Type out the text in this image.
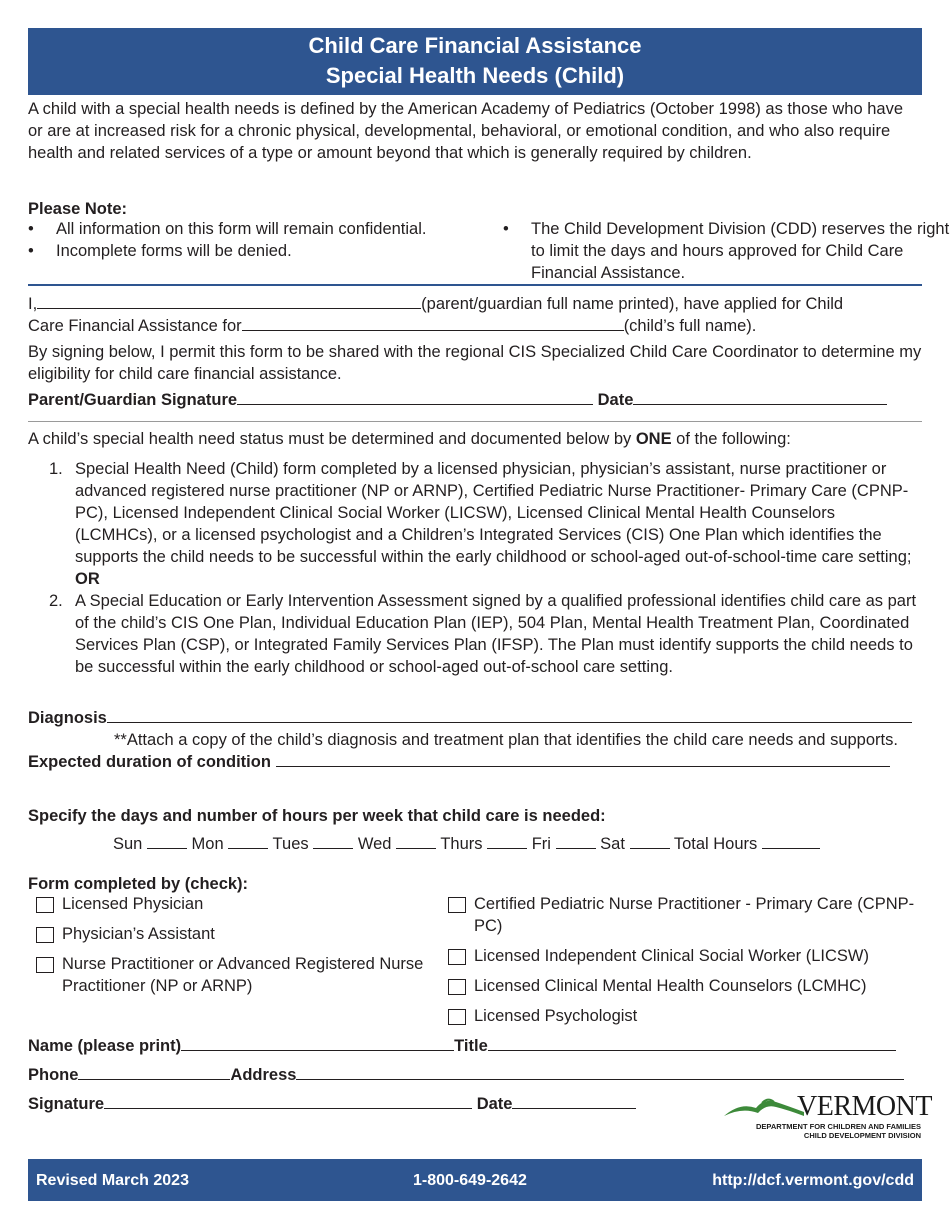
Child Care Financial Assistance
Special Health Needs (Child)
A child with a special health needs is defined by the American Academy of Pediatrics (October 1998) as those who have or are at increased risk for a chronic physical, developmental, behavioral, or emotional condition, and who also require health and related services of a type or amount beyond that which is generally required by children.
Please Note:
• All information on this form will remain confidential.
• Incomplete forms will be denied.
• The Child Development Division (CDD) reserves the right to limit the days and hours approved for Child Care Financial Assistance.
I,	(parent/guardian full name printed), have applied for Child
Care Financial Assistance for	(child’s full name).
By signing below, I permit this form to be shared with the regional CIS Specialized Child Care Coordinator to determine my eligibility for child care financial assistance.
Parent/Guardian Signature	Date
A child’s special health need status must be determined and documented below by ONE of the following:
1. Special Health Need (Child) form completed by a licensed physician, physician’s assistant, nurse practitioner or advanced registered nurse practitioner (NP or ARNP), Certified Pediatric Nurse Practitioner- Primary Care (CPNP-PC), Licensed Independent Clinical Social Worker (LICSW), Licensed Clinical Mental Health Counselors (LCMHCs), or a licensed psychologist and a Children’s Integrated Services (CIS) One Plan which identifies the supports the child needs to be successful within the early childhood or school-aged out-of-school-time care setting; OR
2. A Special Education or Early Intervention Assessment signed by a qualified professional identifies child care as part of the child’s CIS One Plan, Individual Education Plan (IEP), 504 Plan, Mental Health Treatment Plan, Coordinated Services Plan (CSP), or Integrated Family Services Plan (IFSP). The Plan must identify supports the child needs to be successful within the early childhood or school-aged out-of-school care setting.
Diagnosis
**Attach a copy of the child’s diagnosis and treatment plan that identifies the child care needs and supports.
Expected duration of condition
Specify the days and number of hours per week that child care is needed:
Sun	Mon	Tues	Wed	Thurs	Fri	Sat	Total Hours
Form completed by (check):
Licensed Physician
Physician’s Assistant
Nurse Practitioner or Advanced Registered Nurse Practitioner (NP or ARNP)
Certified Pediatric Nurse Practitioner - Primary Care (CPNP-PC)
Licensed Independent Clinical Social Worker (LICSW)
Licensed Clinical Mental Health Counselors (LCMHC)
Licensed Psychologist
Name (please print)	Title
Phone	Address
Signature	Date	VERMONT
DEPARTMENT FOR CHILDREN AND FAMILIES
CHILD DEVELOPMENT DIVISION
Revised March 2023	1-800-649-2642	http://dcf.vermont.gov/cdd
